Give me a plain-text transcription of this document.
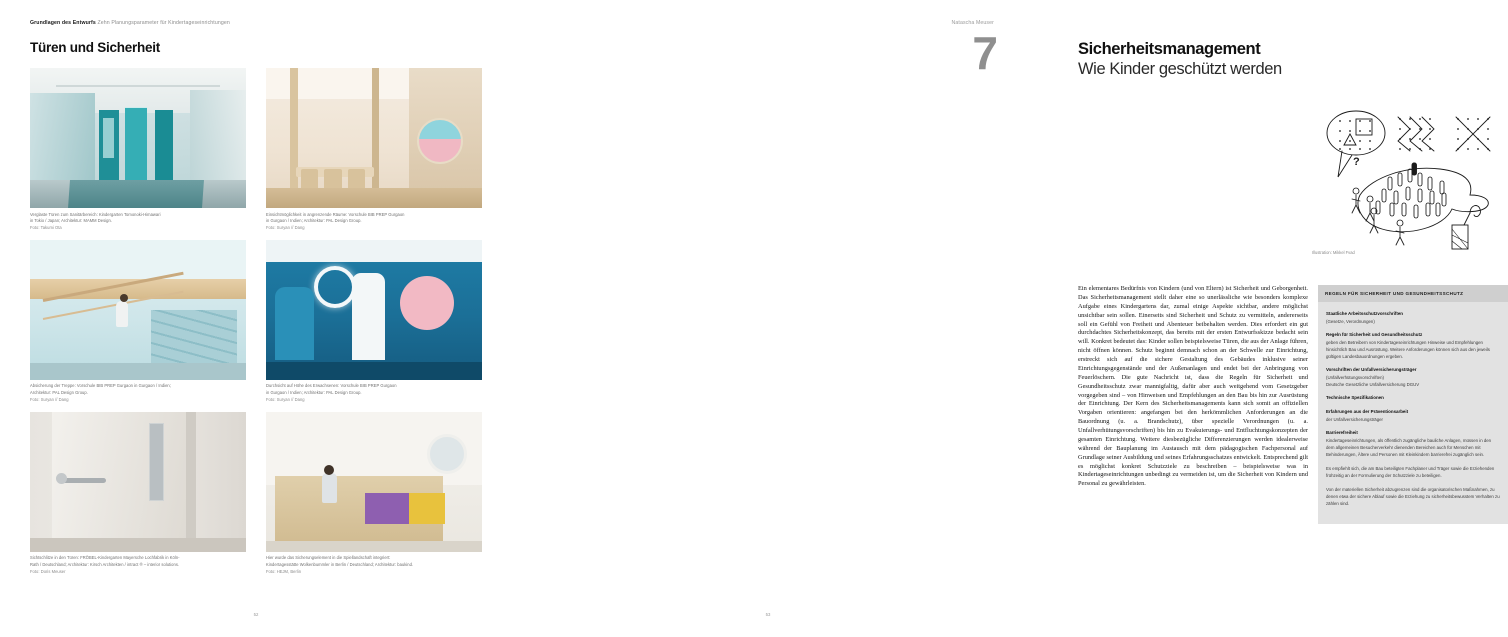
Grundlagen des Entwurfs Zehn Planungsparameter für Kindertageseinrichtungen
Türen und Sicherheit
Verglaste Türen zum Sanitärbereich: Kindergarten Tomonoki-Himawari
in Tokio / Japan; Architektur: MAMM Design.
Foto: Takumi Ota
Einsichtmöglichkeit in angrenzende Räume: Vorschule BIB PREP Gurgaon
in Gurgaon / Indien; Architektur: PAL Design Group.
Foto: Suryan // Dang
Absicherung der Treppe: Vorschule BIB PREP Gurgaon in Gurgaon / Indien;
Architektur: PAL Design Group.
Foto: Suryan // Dang
Durchsicht auf Höhe des Erwachsenen: Vorschule BIB PREP Gurgaon
in Gurgaon / Indien; Architektur: PAL Design Group.
Foto: Suryan // Dang
Sichtschlitze in den Türen: FRÖBEL-Kindergarten Mayersche Lochfabrik in Köln-
Rath / Deutschland; Architektur: Kirsch Architekten / intract ® – interior solutions.
Foto: Doris Meuser
Hier wurde das Sicherungselement in die Spiellandschaft integriert:
Kindertagesstätte Wolkenbummler in Berlin / Deutschland; Architektur: baukind.
Foto: HEJM, Berlin
52
Natascha Meuser
Sicherheitsmanagement
Wie Kinder geschützt werden
7
?
Illustration: Mikkel Fvad

Ein elementares Bedürfnis von Kindern (und von Eltern) ist Sicherheit und Geborgenheit. Das Sicherheitsmanagement stellt daher eine so unerlässliche wie besonders komplexe Aufgabe eines Kindergartens dar, zumal einige Aspekte sichtbar, andere möglichst unsichtbar sein sollen. Einerseits sind Sicherheit und Schutz zu vermitteln, andererseits soll ein Gefühl von Freiheit und Abenteuer beibehalten werden. Dies erfordert ein gut durchdachtes Sicherheitskonzept, das bereits mit der ersten Entwurfsskizze bedacht sein will. Konkret bedeutet das: Kinder sollen beispielsweise Türen, die aus der Anlage führen, nicht öffnen können. Schutz beginnt demnach schon an der Schwelle zur Einrichtung, erstreckt sich auf die sichere Gestaltung des Gebäudes inklusive seiner Einrichtungsgegenstände und der Außenanlagen und endet bei der Anbringung von Feuerlöschern. Die gute Nachricht ist, dass die Regeln für Sicherheit und Gesundheitsschutz zwar mannigfaltig, dafür aber auch weitgehend vom Gesetzgeber vorgegeben sind – von Hinweisen und Empfehlungen an den Bau bis hin zur Ausrüstung der Einrichtung. Der Kern des Sicherheitsmanagements kann sich somit an offiziellen Vorgaben orientieren: angefangen bei den herkömmlichen Anforderungen an die Bauordnung (u. a. Brandschutz), über spezielle Verordnungen (u. a. Unfallverhütungsvorschriften) bis hin zu Evakuierungs- und Entfluchtungskonzepten der gesamten Einrichtung. Weitere diesbezügliche Differenzierungen werden idealerweise während der Bauplanung im Austausch mit dem pädagogischen Fachpersonal auf Grundlage seiner Ausbildung und seines Erfahrungsschatzes entwickelt. Entsprechend gilt es möglichst konkret Schutzziele zu beschreiben – beispielsweise was in Kindertageseinrichtungen unbedingt zu vermeiden ist, um die Sicherheit von Kindern und Personal zu gewährleisten.

REGELN FÜR SICHERHEIT UND GESUNDHEITSSCHUTZ
Staatliche Arbeitsschutzvorschriften
(Gesetze, Verordnungen)
Regeln für Sicherheit und Gesundheitsschutz
geben den Betreibern von Kindertageseinrichtungen Hinweise und Empfehlungen hinsichtlich Bau und Ausrüstung. Weitere Anforderungen können sich aus den jeweils gültigen Landesbauordnungen ergeben.
Vorschriften der Unfallversicherungsträger
(Unfallverhütungsvorschriften)
Deutsche Gesetzliche Unfallversicherung DGUV
Technische Spezifikationen
Erfahrungen aus der Präventionsarbeit
der Unfallversicherungsträger
Barrierefreiheit
Kindertageseinrichtungen, als öffentlich zugängliche bauliche Anlagen, müssen in den dem allgemeinen Besucherverkehr dienenden Bereichen auch für Menschen mit Behinderungen, Ältere und Personen mit Kleinkindern barrierefrei zugänglich sein.
Es empfiehlt sich, die am Bau beteiligten Fachplaner und Träger sowie die Erziehenden frühzeitig an der Formulierung der Schutzziele zu beteiligen.
Von der materiellen Sicherheit abzugrenzen sind die organisatorischen Maßnahmen, zu denen etwa der sichere Ablauf sowie die Erziehung zu sicherheitsbewusstem Verhalten zu zählen sind.
53
